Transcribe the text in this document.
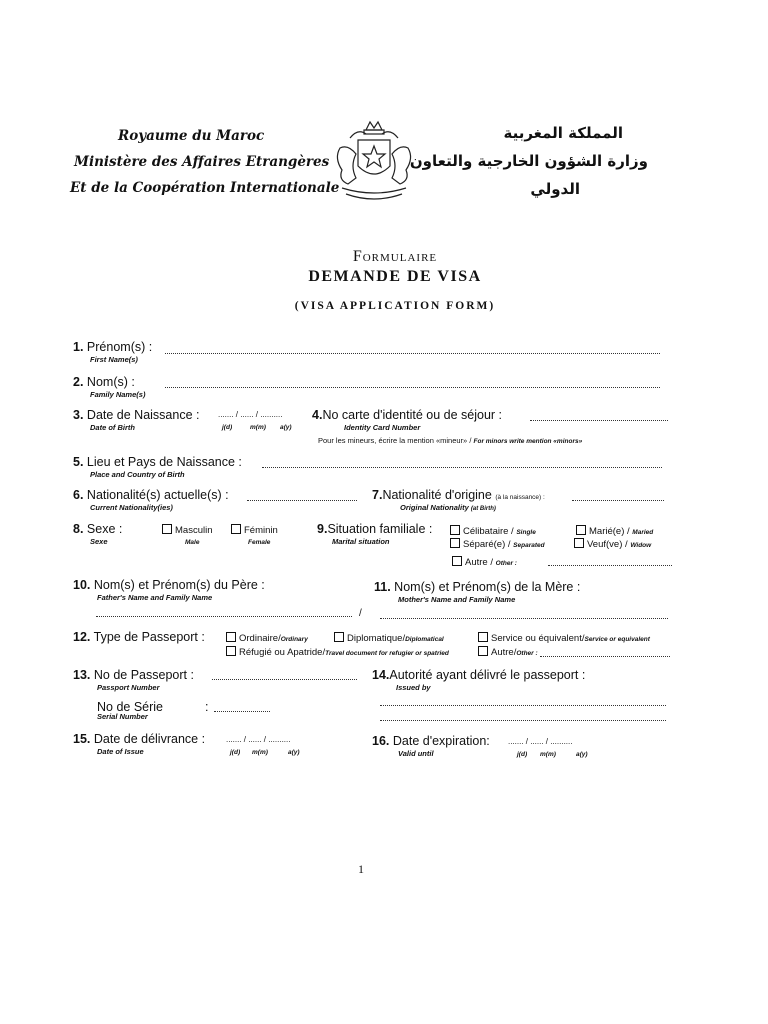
Royaume du Maroc
Ministère des Affaires Etrangères
Et de la Coopération Internationale
المملكة المغربية
وزارة الشؤون الخارجية والتعاون
الدولي
Formulaire
DEMANDE DE VISA
(VISA APPLICATION FORM)
1. Prénom(s) :
First Name(s)
2. Nom(s) :
Family Name(s)
3. Date de Naissance : ....... / ...... / ..........
Date of Birth	j(d)	m(m) a(y)
4.No carte d'identité ou de séjour :
Identity Card Number
Pour les mineurs, écrire la mention «mineur» / For minors write mention «minors»
5. Lieu et Pays de Naissance :
Place and Country of Birth
6. Nationalité(s) actuelle(s) :
Current Nationality(ies)
7.Nationalité d'origine (à la naissance) :
Original Nationality (at Birth)
8. Sexe :
Sexe
Masculin
Male
Féminin
Female
9.Situation familiale :
Marital situation
Célibataire / Single	Marié(e) / Maried
Séparé(e) / Separated	Veuf(ve) / Widow
Autre / Other :
10. Nom(s) et Prénom(s) du Père :
Father's Name and Family Name
/
11. Nom(s) et Prénom(s) de la Mère :
Mother's Name and Family Name
12. Type de Passeport :	Ordinaire/Ordinary	Diplomatique/Diplomatical	Service ou équivalent/Service or equivalent
Réfugié ou Apatride/Travel document for refugier or spatried	Autre/Other :
13. No de Passeport :
Passport Number
No de Série	:
Serial Number
14.Autorité ayant délivré le passeport :
Issued by
15. Date de délivrance :	....... / ...... / ..........
Date of Issue	j(d) m(m)	a(y)
16. Date d'expiration: ....... / ...... / ..........
Valid until	j(d) m(m)	a(y)
1
